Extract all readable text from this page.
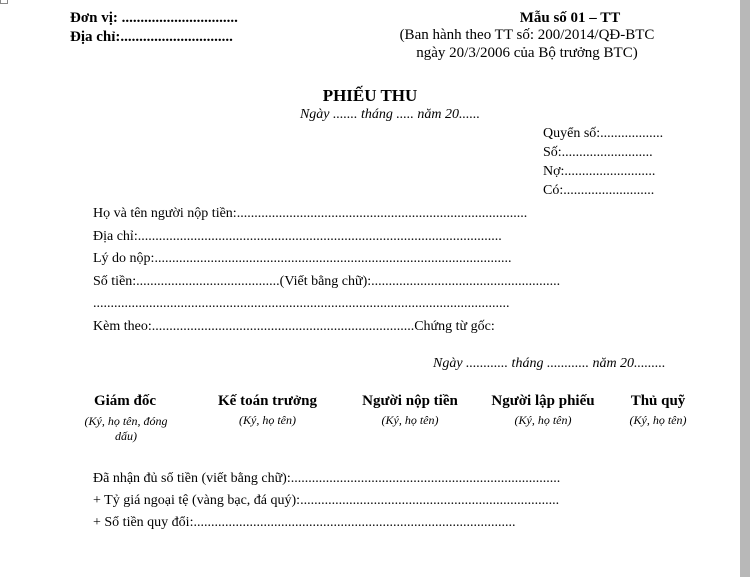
Đơn vị: ...............................
Địa chỉ:..............................
Mẫu số 01 – TT
(Ban hành theo TT số: 200/2014/QĐ-BTC
ngày 20/3/2006 của Bộ trưởng BTC)
PHIẾU THU
Ngày ....... tháng ..... năm 20......
Quyển số:..................
Số:..........................
Nợ:..........................
Có:..........................
Họ và tên người nộp tiền:...................................................................................
Địa chỉ:........................................................................................................
Lý do nộp:......................................................................................................
Số tiền:.........................................(Viết bằng chữ):......................................................
.......................................................................................................................
Kèm theo:...........................................................................Chứng từ gốc:
Ngày ............ tháng ............ năm 20.........
Giám đốc
(Ký, họ tên, đóng
dấu)
Kế toán trưởng
(Ký, họ tên)
Người nộp tiền
(Ký, họ tên)
Người lập phiếu
(Ký, họ tên)
Thủ quỹ
(Ký, họ tên)
Đã nhận đủ số tiền (viết bằng chữ):.............................................................................
+ Tỷ giá ngoại tệ (vàng bạc, đá quý):..........................................................................
+ Số tiền quy đổi:............................................................................................
